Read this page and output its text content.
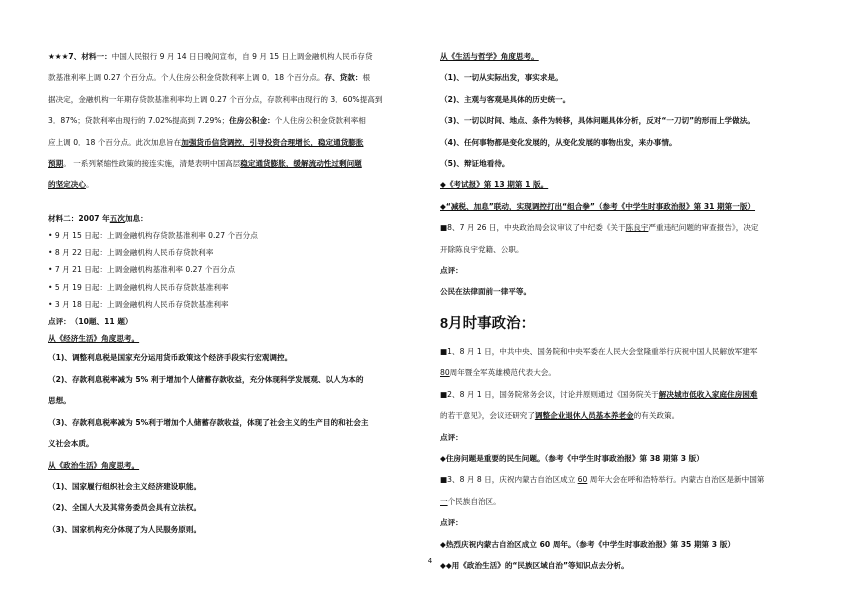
★★★7、材料一：中国人民银行 9 月 14 日日晚间宣布，自 9 月 15 日上调金融机构人民币存贷

款基准利率上调 0.27 个百分点。个人住房公积金贷款利率上调 0．18 个百分点。存、贷款：根

据决定，金融机构一年期存贷款基准利率均上调 0.27 个百分点，存款利率由现行的 3．60%提高到

3．87%；贷款利率由现行的 7.02%提高到 7.29%；住房公积金：个人住房公积金贷款利率相

应上调 0．18 个百分点。此次加息旨在加强货币信贷调控，引导投资合理增长，稳定通货膨胀

预期。 一系列紧缩性政策的接连实施，清楚表明中国高层稳定通货膨胀，缓解流动性过剩问题

的坚定决心。

材料二：2007 年五次加息：

• 9 月 15 日起：上调金融机构存贷款基准利率 0.27 个百分点

• 8 月 22 日起：上调金融机构人民币存贷款利率

• 7 月 21 日起：上调金融机构基准利率 0.27 个百分点

• 5 月 19 日起：上调金融机构人民币存贷款基准利率

• 3 月 18 日起：上调金融机构人民币存贷款基准利率

点评：　（10题、11 题）

从《经济生活》角度思考。

（1)、调整利息税是国家充分运用货币政策这个经济手段实行宏观调控。

（2)、存款利息税率减为 5% 利于增加个人储蓄存款收益，充分体现科学发展观、以人为本的

思想。

（3)、存款利息税率减为 5%利于增加个人储蓄存款收益，体现了社会主义的生产目的和社会主

义社会本质。

从《政治生活》角度思考。

（1)、国家履行组织社会主义经济建设职能。

（2)、全国人大及其常务委员会具有立法权。

（3)、国家机构充分体现了为人民服务原则。

从《生活与哲学》角度思考。

（1)、一切从实际出发，事实求是。

（2)、主观与客观是具体的历史统一。

（3)、一切以时间、地点、条件为转移，具体问题具体分析，反对“一刀切”的形而上学做法。

（4)、任何事物都是变化发展的，从变化发展的事物出发，来办事情。

（5)、辩证地看待。

◆《考试报》第 13 期第 1 版。

◆“减税、加息”联动，实现调控打出“组合拳”（参考《中学生时事政治报》第 31 期第一版）

■8、7 月 26 日，中央政治局会议审议了中纪委《关于陈良宇严重违纪问题的审查报告》，决定

开除陈良宇党籍、公职。

点评：

公民在法律面前一律平等。

8月时事政治：

■1、8 月 1 日，中共中央、国务院和中央军委在人民大会堂隆重举行庆祝中国人民解放军建军

80周年暨全军英雄模范代表大会。

■2、8 月 1 日，国务院常务会议，讨论并原则通过《国务院关于解决城市低收入家庭住房困难

的若干意见》，会议还研究了调整企业退休人员基本养老金的有关政策。

点评：

◆住房问题是重要的民生问题。（参考《中学生时事政治报》第 38 期第 3 版）

■3、8 月 8 日，庆祝内蒙古自治区成立 60 周年大会在呼和浩特举行。内蒙古自治区是新中国第

一个民族自治区。

点评：

◆热烈庆祝内蒙古自治区成立 60 周年。（参考《中学生时事政治报》第 35 期第 3 版）

◆◆用《政治生活》的“民族区域自治”等知识点去分析。

4
